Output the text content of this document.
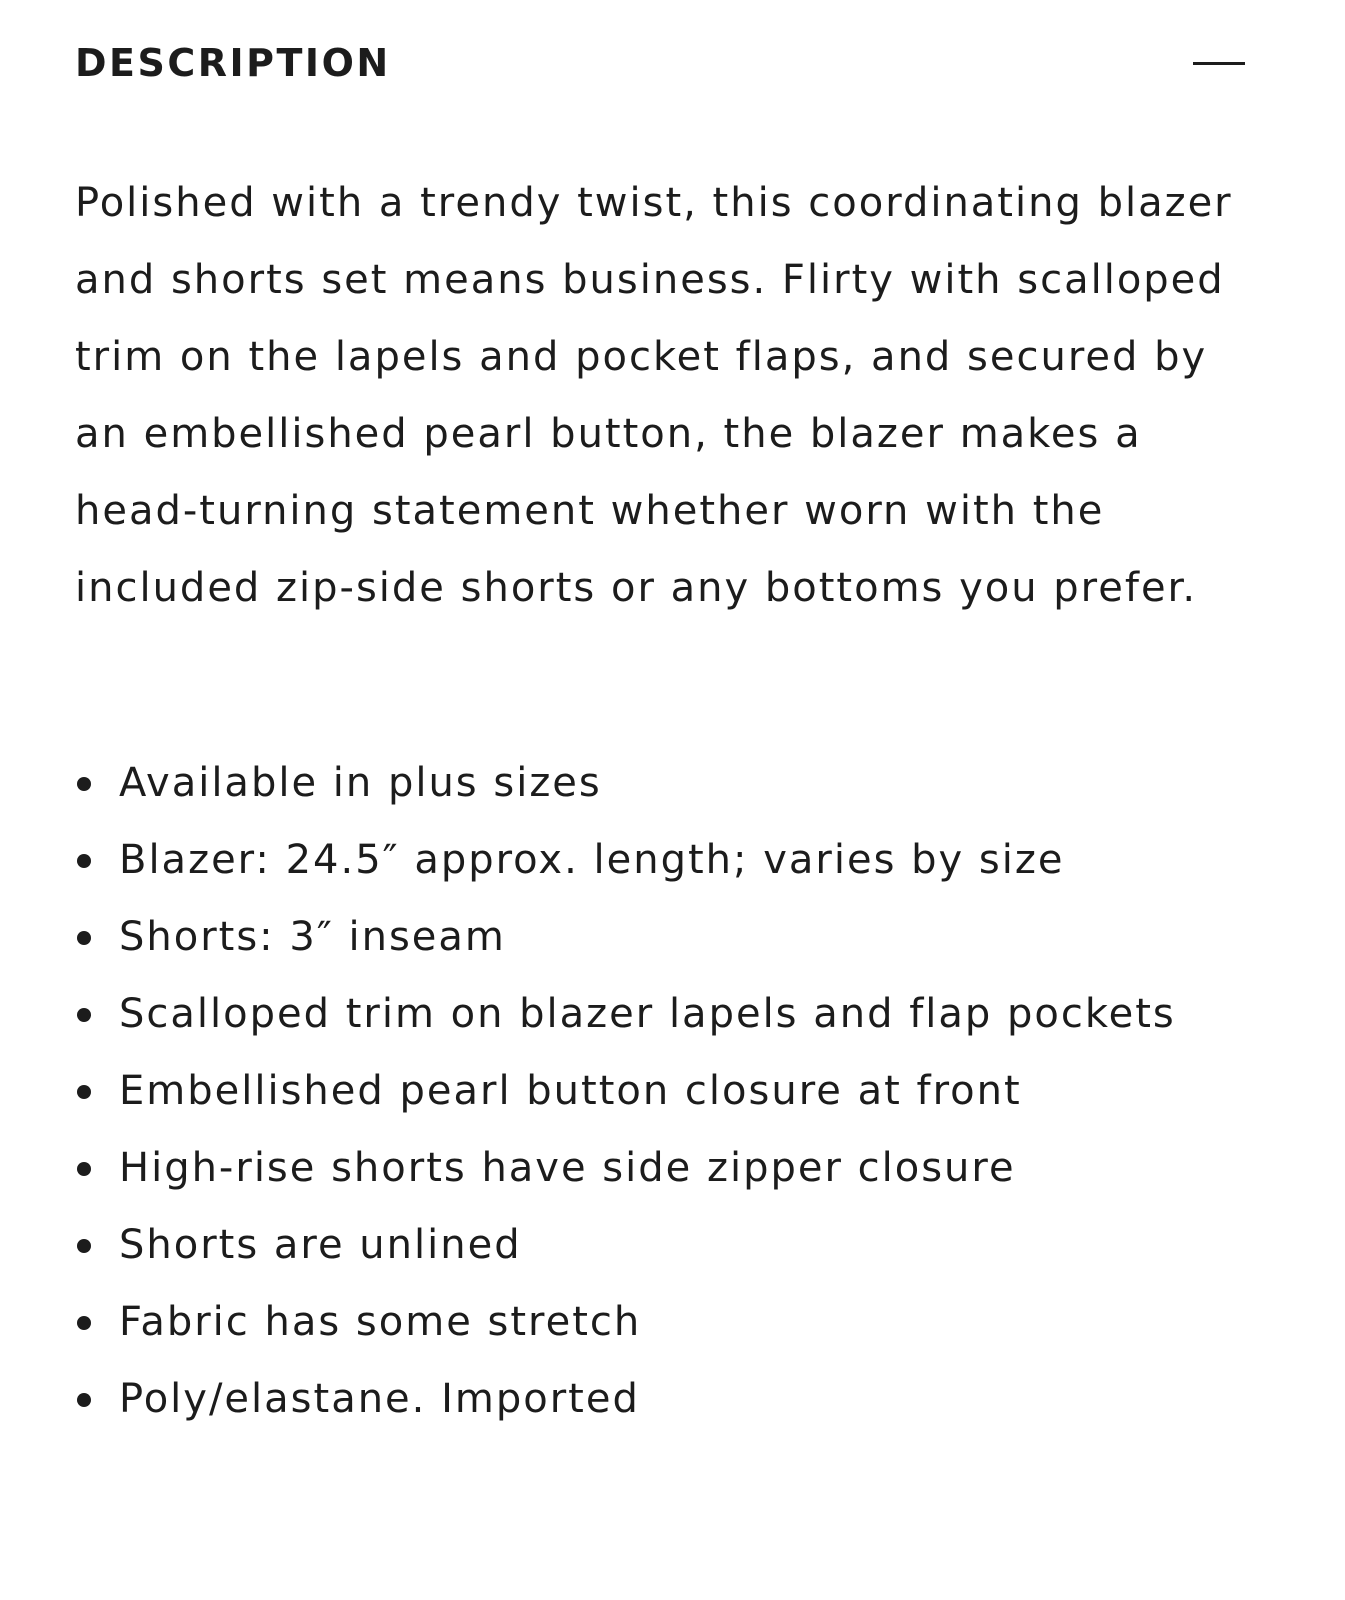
DESCRIPTION

Polished with a trendy twist, this coordinating blazer and shorts set means business. Flirty with scalloped trim on the lapels and pocket flaps, and secured by an embellished pearl button, the blazer makes a head-turning statement whether worn with the included zip-side shorts or any bottoms you prefer.

Available in plus sizes
Blazer: 24.5″ approx. length; varies by size
Shorts: 3″ inseam
Scalloped trim on blazer lapels and flap pockets
Embellished pearl button closure at front
High-rise shorts have side zipper closure
Shorts are unlined
Fabric has some stretch
Poly/elastane. Imported
